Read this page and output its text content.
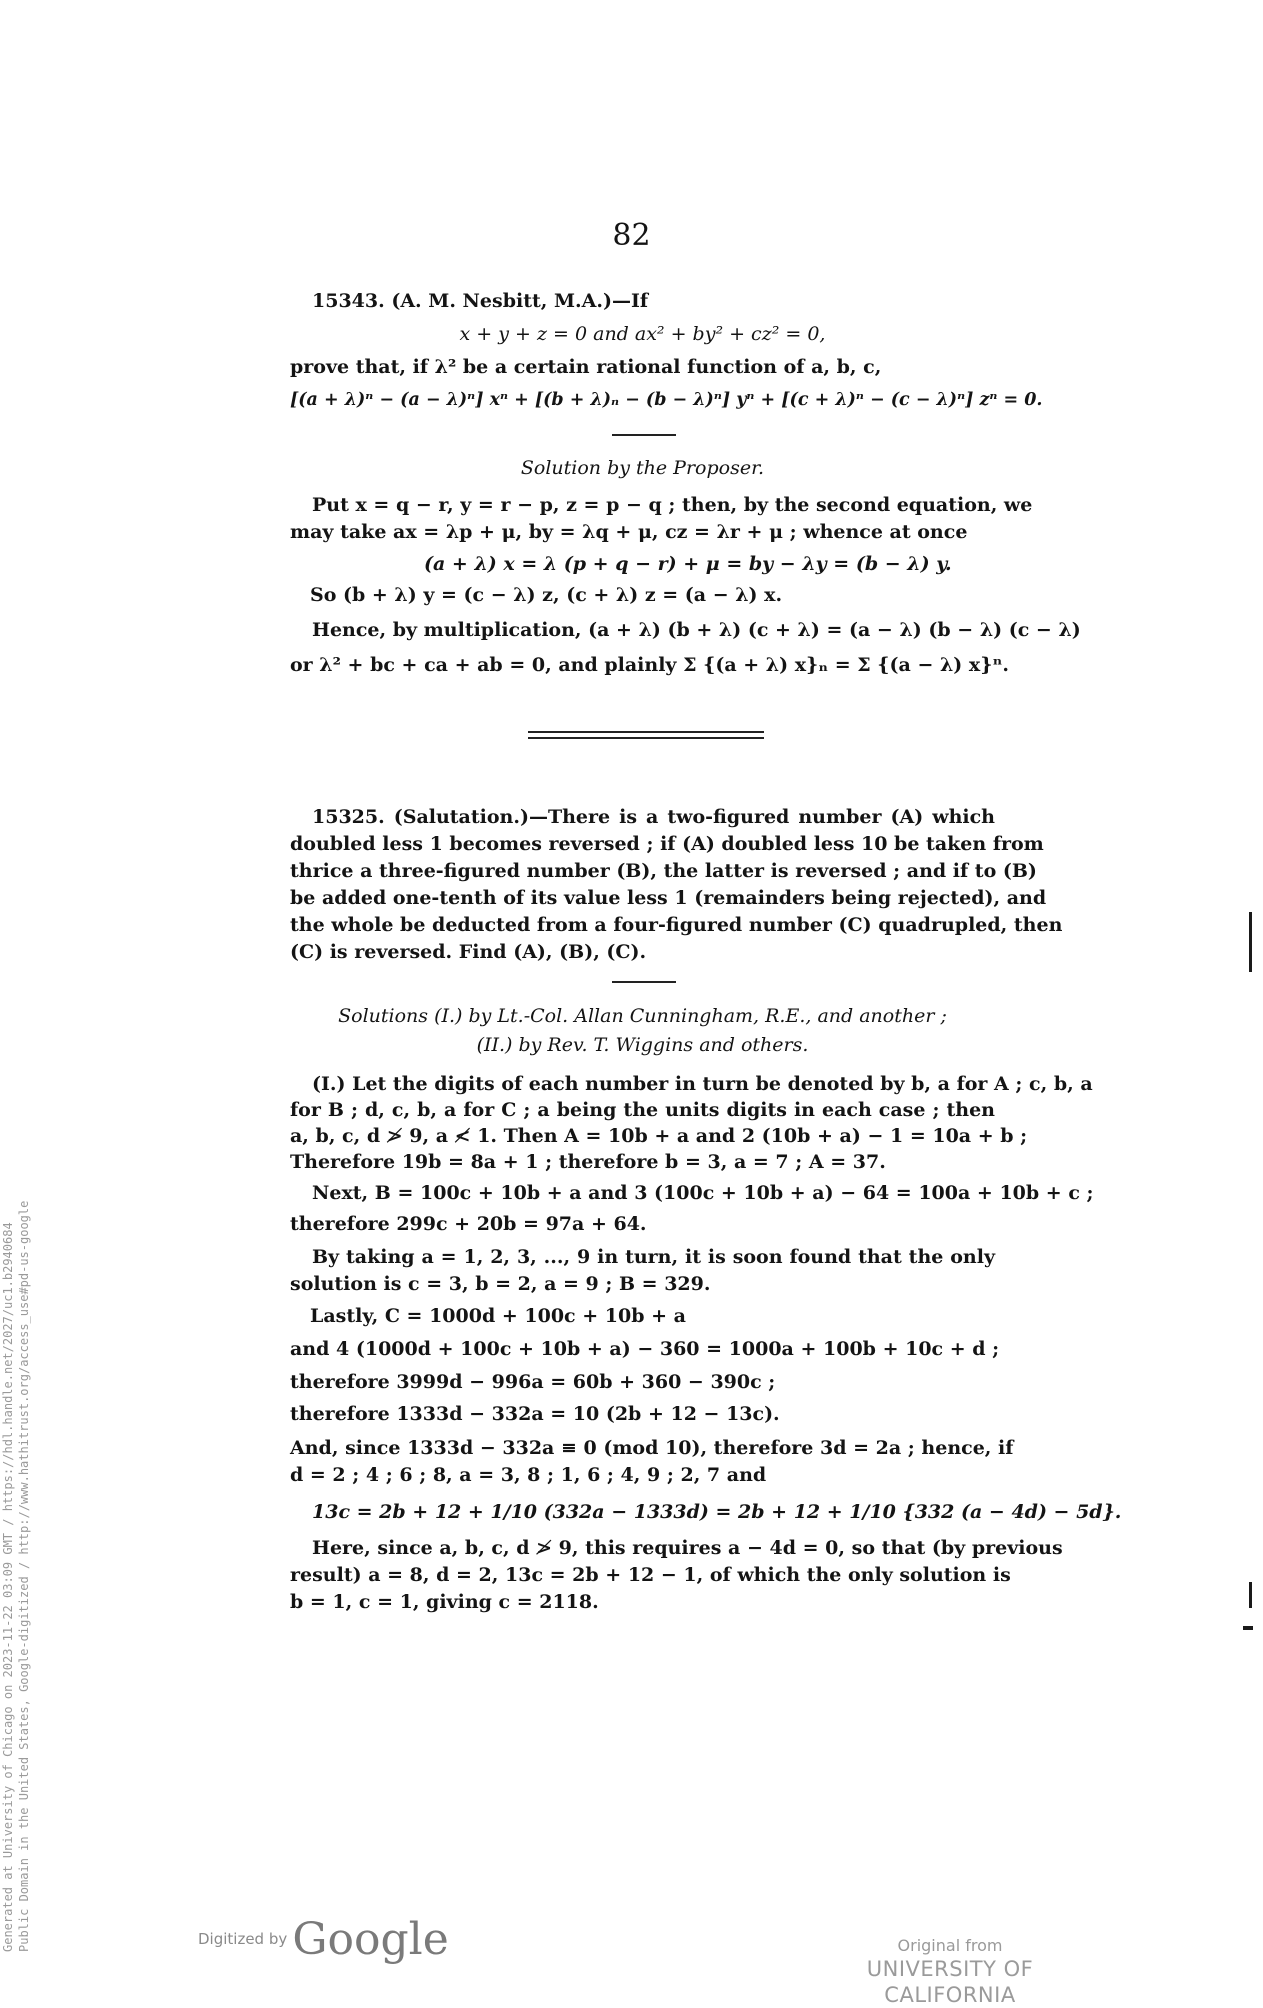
82
15343. (A. M. Nesbitt, M.A.)—If
x + y + z = 0 and ax² + by² + cz² = 0,
prove that, if λ² be a certain rational function of a, b, c,
[(a + λ)ⁿ − (a − λ)ⁿ] xⁿ + [(b + λ)ₙ − (b − λ)ⁿ] yⁿ + [(c + λ)ⁿ − (c − λ)ⁿ] zⁿ = 0.
Solution by the Proposer.
Put x = q − r, y = r − p, z = p − q ; then, by the second equation, we
may take ax = λp + μ, by = λq + μ, cz = λr + μ ; whence at once
(a + λ) x = λ (p + q − r) + μ = by − λy = (b − λ) y.
So (b + λ) y = (c − λ) z, (c + λ) z = (a − λ) x.
Hence, by multiplication, (a + λ) (b + λ) (c + λ) = (a − λ) (b − λ) (c − λ)
or λ² + bc + ca + ab = 0, and plainly Σ {(a + λ) x}ₙ = Σ {(a − λ) x}ⁿ.
15325. (Salutation.)—There is a two-figured number (A) which
doubled less 1 becomes reversed ; if (A) doubled less 10 be taken from
thrice a three-figured number (B), the latter is reversed ; and if to (B)
be added one-tenth of its value less 1 (remainders being rejected), and
the whole be deducted from a four-figured number (C) quadrupled, then
(C) is reversed. Find (A), (B), (C).
Solutions (I.) by Lt.-Col. Allan Cunningham, R.E., and another ;
(II.) by Rev. T. Wiggins and others.
(I.) Let the digits of each number in turn be denoted by b, a for A ; c, b, a
for B ; d, c, b, a for C ; a being the units digits in each case ; then
a, b, c, d ≯ 9, a ≮ 1. Then A = 10b + a and 2 (10b + a) − 1 = 10a + b ;
Therefore 19b = 8a + 1 ; therefore b = 3, a = 7 ; A = 37.
Next, B = 100c + 10b + a and 3 (100c + 10b + a) − 64 = 100a + 10b + c ;
therefore 299c + 20b = 97a + 64.
By taking a = 1, 2, 3, ..., 9 in turn, it is soon found that the only
solution is c = 3, b = 2, a = 9 ; B = 329.
Lastly, C = 1000d + 100c + 10b + a
and 4 (1000d + 100c + 10b + a) − 360 = 1000a + 100b + 10c + d ;
therefore 3999d − 996a = 60b + 360 − 390c ;
therefore 1333d − 332a = 10 (2b + 12 − 13c).
And, since 1333d − 332a ≡ 0 (mod 10), therefore 3d = 2a ; hence, if
d = 2 ; 4 ; 6 ; 8, a = 3, 8 ; 1, 6 ; 4, 9 ; 2, 7 and
13c = 2b + 12 + 1/10 (332a − 1333d) = 2b + 12 + 1/10 {332 (a − 4d) − 5d}.
Here, since a, b, c, d ≯ 9, this requires a − 4d = 0, so that (by previous
result) a = 8, d = 2, 13c = 2b + 12 − 1, of which the only solution is
b = 1, c = 1, giving c = 2118.
Generated at University of Chicago on 2023-11-22 03:09 GMT / https://hdl.handle.net/2027/uc1.b2940684 Public Domain in the United States, Google-digitized / http://www.hathitrust.org/access_use#pd-us-google	Digitized by Google	Original from
UNIVERSITY OF CALIFORNIA
